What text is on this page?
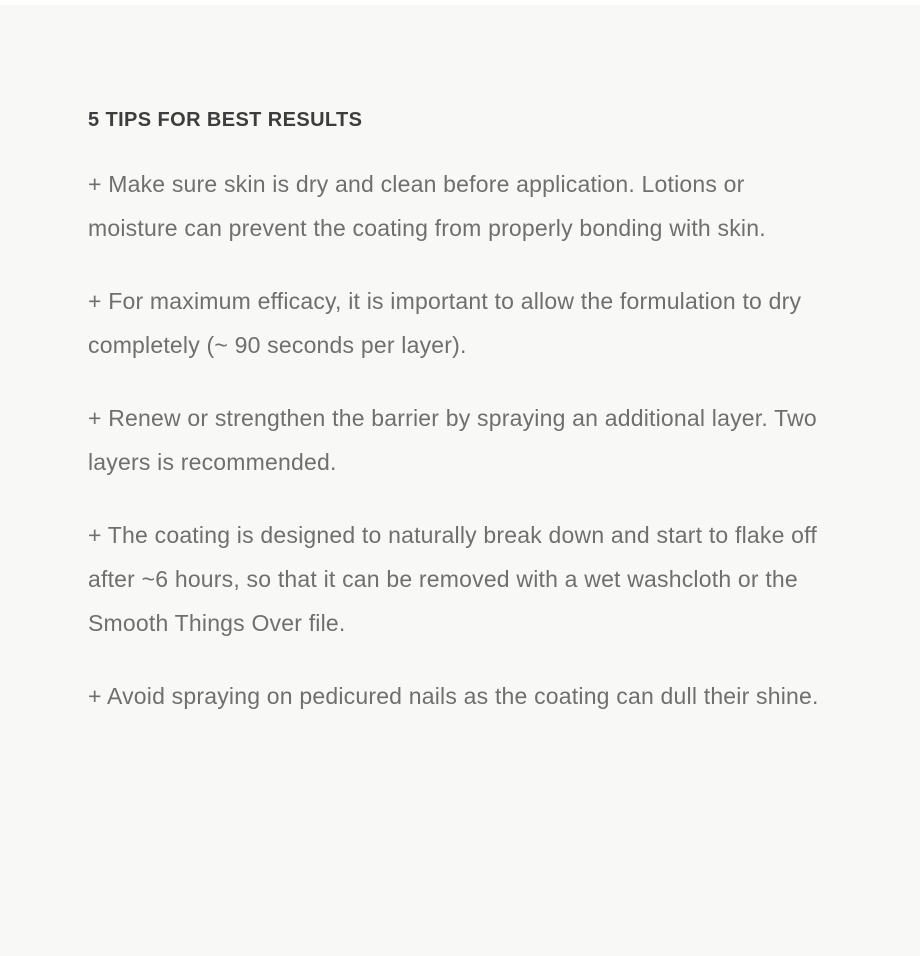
5 TIPS FOR BEST RESULTS
+ Make sure skin is dry and clean before application. Lotions or moisture can prevent the coating from properly bonding with skin.
+ For maximum efficacy, it is important to allow the formulation to dry completely (~ 90 seconds per layer).
+ Renew or strengthen the barrier by spraying an additional layer. Two layers is recommended.
+ The coating is designed to naturally break down and start to flake off after ~6 hours, so that it can be removed with a wet washcloth or the Smooth Things Over file.
+ Avoid spraying on pedicured nails as the coating can dull their shine.
